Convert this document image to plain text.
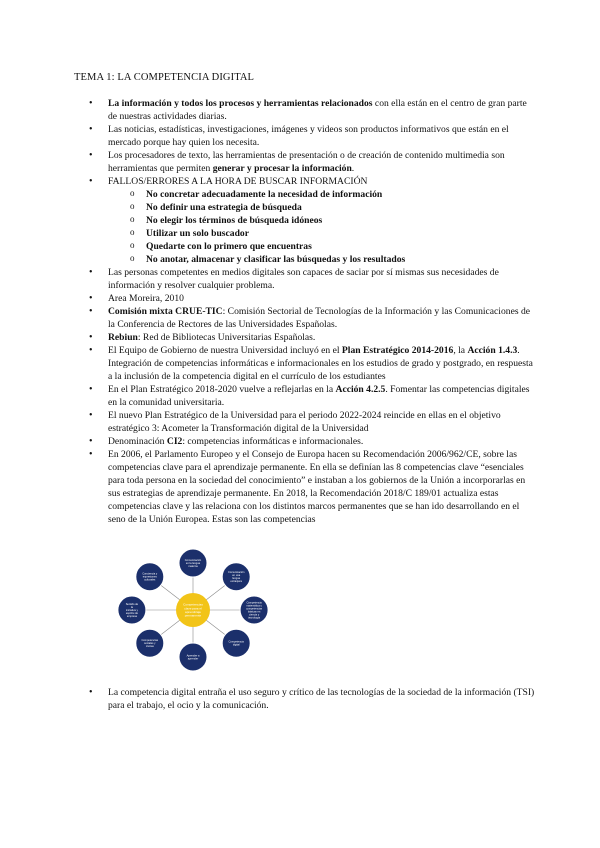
TEMA 1: LA COMPETENCIA DIGITAL
• La información y todos los procesos y herramientas relacionados con ella están en el centro de gran parte de nuestras actividades diarias.
• Las noticias, estadísticas, investigaciones, imágenes y videos son productos informativos que están en el mercado porque hay quien los necesita.
• Los procesadores de texto, las herramientas de presentación o de creación de contenido multimedia son herramientas que permiten generar y procesar la información.
• FALLOS/ERRORES A LA HORA DE BUSCAR INFORMACIÓN
o No concretar adecuadamente la necesidad de información
o No definir una estrategia de búsqueda
o No elegir los términos de búsqueda idóneos
o Utilizar un solo buscador
o Quedarte con lo primero que encuentras
o No anotar, almacenar y clasificar las búsquedas y los resultados
• Las personas competentes en medios digitales son capaces de saciar por sí mismas sus necesidades de información y resolver cualquier problema.
• Area Moreira, 2010
• Comisión mixta CRUE-TIC: Comisión Sectorial de Tecnologías de la Información y las Comunicaciones de la Conferencia de Rectores de las Universidades Españolas.
• Rebiun: Red de Bibliotecas Universitarias Españolas.
• El Equipo de Gobierno de nuestra Universidad incluyó en el Plan Estratégico 2014-2016, la Acción 1.4.3. Integración de competencias informáticas e informacionales en los estudios de grado y postgrado, en respuesta a la inclusión de la competencia digital en el currículo de los estudiantes
• En el Plan Estratégico 2018-2020 vuelve a reflejarlas en la Acción 4.2.5. Fomentar las competencias digitales en la comunidad universitaria.
• El nuevo Plan Estratégico de la Universidad para el periodo 2022-2024 reincide en ellas en el objetivo estratégico 3: Acometer la Transformación digital de la Universidad
• Denominación CI2: competencias informáticas e informacionales.
• En 2006, el Parlamento Europeo y el Consejo de Europa hacen su Recomendación 2006/962/CE, sobre las competencias clave para el aprendizaje permanente. En ella se definían las 8 competencias clave “esenciales para toda persona en la sociedad del conocimiento” e instaban a los gobiernos de la Unión a incorporarlas en sus estrategias de aprendizaje permanente. En 2018, la Recomendación 2018/C 189/01 actualiza estas competencias clave y las relaciona con los distintos marcos permanentes que se han ido desarrollando en el seno de la Unión Europea. Estas son las competencias
Comunicación en la lengua materna
Comunicación en una lengua extranjera
Competencia matemática y competencias básicas en ciencia y tecnología
Competencia digital
Aprender a aprender
Competencias sociales y cívicas
Sentido de la iniciativa y espíritu de empresa
Conciencia y expresiones culturales
Competencias clave para el aprendizaje permanente
• La competencia digital entraña el uso seguro y crítico de las tecnologías de la sociedad de la información (TSI) para el trabajo, el ocio y la comunicación.
